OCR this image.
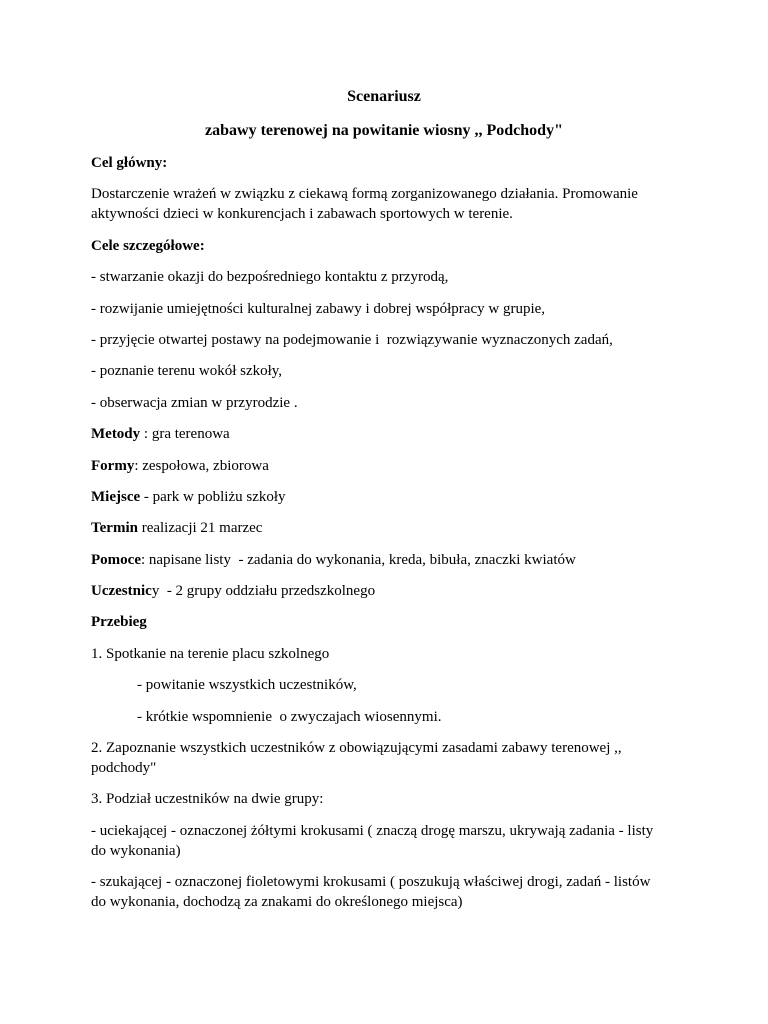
Scenariusz
zabawy terenowej na powitanie wiosny ,, Podchody"
Cel główny:
Dostarczenie wrażeń w związku z ciekawą formą zorganizowanego działania. Promowanie
aktywności dzieci w konkurencjach i zabawach sportowych w terenie.
Cele szczegółowe:
- stwarzanie okazji do bezpośredniego kontaktu z przyrodą,
- rozwijanie umiejętności kulturalnej zabawy i dobrej współpracy w grupie,
- przyjęcie otwartej postawy na podejmowanie i  rozwiązywanie wyznaczonych zadań,
- poznanie terenu wokół szkoły,
- obserwacja zmian w przyrodzie .
Metody : gra terenowa
Formy: zespołowa, zbiorowa
Miejsce - park w pobliżu szkoły
Termin realizacji 21 marzec
Pomoce: napisane listy  - zadania do wykonania, kreda, bibuła, znaczki kwiatów
Uczestnicy  - 2 grupy oddziału przedszkolnego
Przebieg
1. Spotkanie na terenie placu szkolnego
- powitanie wszystkich uczestników,
- krótkie wspomnienie  o zwyczajach wiosennymi.
2. Zapoznanie wszystkich uczestników z obowiązującymi zasadami zabawy terenowej ,,
podchody"
3. Podział uczestników na dwie grupy:
- uciekającej - oznaczonej żółtymi krokusami ( znaczą drogę marszu, ukrywają zadania - listy
do wykonania)
- szukającej - oznaczonej fioletowymi krokusami ( poszukują właściwej drogi, zadań - listów
do wykonania, dochodzą za znakami do określonego miejsca)
